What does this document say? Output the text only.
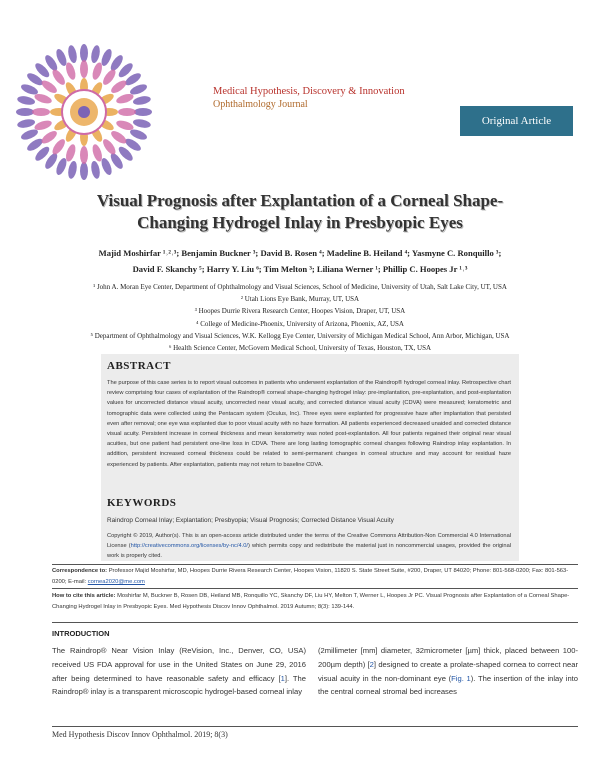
Medical Hypothesis, Discovery & Innovation
Ophthalmology Journal
Original Article
Visual Prognosis after Explantation of a Corneal Shape-
Changing Hydrogel Inlay in Presbyopic Eyes
Majid Moshirfar ¹˒²˒³; Benjamin Buckner ³; David B. Rosen ⁴; Madeline B. Heiland ⁴; Yasmyne C. Ronquillo ³;
David F. Skanchy ⁵; Harry Y. Liu ⁶; Tim Melton ³; Liliana Werner ¹; Phillip C. Hoopes Jr ¹˒³
¹ John A. Moran Eye Center, Department of Ophthalmology and Visual Sciences, School of Medicine, University of Utah, Salt Lake City, UT, USA
² Utah Lions Eye Bank, Murray, UT, USA
³ Hoopes Durrie Rivera Research Center, Hoopes Vision, Draper, UT, USA
⁴ College of Medicine-Phoenix, University of Arizona, Phoenix, AZ, USA
⁵ Department of Ophthalmology and Visual Sciences, W.K. Kellogg Eye Center, University of Michigan Medical School, Ann Arbor, Michigan, USA
⁶ Health Science Center, McGovern Medical School, University of Texas, Houston, TX, USA
ABSTRACT
The purpose of this case series is to report visual outcomes in patients who underwent explantation of the Raindrop® hydrogel corneal inlay. Retrospective chart review comprising four cases of explantation of the Raindrop® corneal shape-changing hydrogel inlay: pre-implantation, pre-explantation, and post-explantation values for uncorrected distance visual acuity, uncorrected near visual acuity, and corrected distance visual acuity (CDVA) were measured; keratometric and tomographic data were collected using the Pentacam system (Oculus, Inc). Three eyes were explanted for progressive haze after implantation that persisted even after removal; one eye was explanted due to poor visual acuity with no haze formation. All patients experienced decreased unaided and corrected distance visual acuity. Persistent increase in corneal thickness and mean keratometry was noted post-explantation. All four patients regained their original near visual acuities, but one patient had persistent one-line loss in CDVA. There are long lasting tomographic corneal changes following Raindrop inlay explantation. In addition, persistent increased corneal thickness could be related to semi-permanent changes in corneal structure and may account for residual haze experienced by patients. After explantation, patients may not return to baseline CDVA.
KEYWORDS
Raindrop Corneal Inlay; Explantation; Presbyopia; Visual Prognosis; Corrected Distance Visual Acuity
Copyright © 2019, Author(s). This is an open-access article distributed under the terms of the Creative Commons Attribution-Non Commercial 4.0 International License (http://creativecommons.org/licenses/by-nc/4.0/) which permits copy and redistribute the material just in noncommercial usages, provided the original work is properly cited.
Correspondence to: Professor Majid Moshirfar, MD, Hoopes Durrie Rivera Research Center, Hoopes Vision, 11820 S. State Street Suite, #200, Draper, UT 84020; Phone: 801-568-0200; Fax: 801-563-0200; E-mail: cornea2020@me.com
How to cite this article: Moshirfar M, Buckner B, Rosen DB, Heiland MB, Ronquillo YC, Skanchy DF, Liu HY, Melton T, Werner L, Hoopes Jr PC. Visual Prognosis after Explantation of a Corneal Shape-Changing Hydrogel Inlay in Presbyopic Eyes. Med Hypothesis Discov Innov Ophthalmol. 2019 Autumn; 8(3): 139-144.
INTRODUCTION
The Raindrop® Near Vision Inlay (ReVision, Inc., Denver, CO, USA) received US FDA approval for use in the United States on June 29, 2016 after being determined to have reasonable safety and efficacy [1]. The Raindrop® inlay is a transparent microscopic hydrogel-based corneal inlay
(2millimeter [mm] diameter, 32micrometer [µm] thick, placed between 100-200µm depth) [2] designed to create a prolate-shaped cornea to correct near visual acuity in the non-dominant eye (Fig. 1). The insertion of the inlay into the central corneal stromal bed increases
Med Hypothesis Discov Innov Ophthalmol. 2019; 8(3)
